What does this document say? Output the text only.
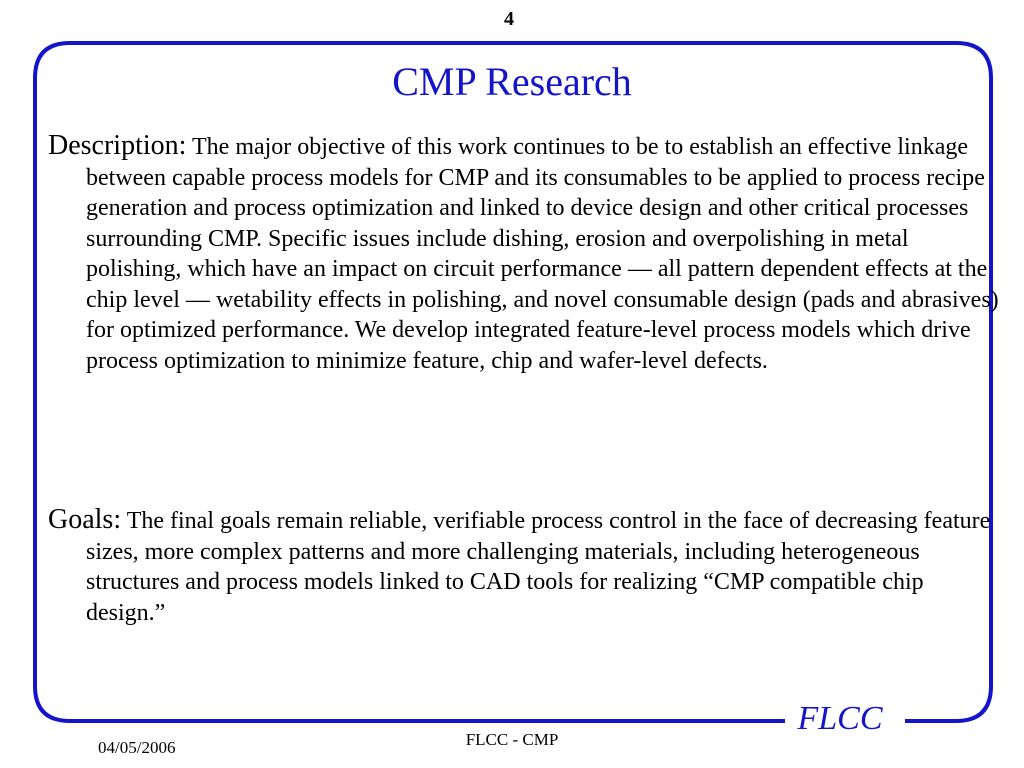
4
CMP Research

Description: The major objective of this work continues to be to establish an effective linkage between capable process models for CMP and its consumables to be applied to process recipe generation and process optimization and linked to device design and other critical processes surrounding CMP. Specific issues include dishing, erosion and overpolishing in metal polishing, which have an impact on circuit performance — all pattern dependent effects at the chip level — wetability effects in polishing, and novel consumable design (pads and abrasives) for optimized performance. We develop integrated feature-level process models which drive process optimization to minimize feature, chip and wafer-level defects.

Goals: The final goals remain reliable, verifiable process control in the face of decreasing feature sizes, more complex patterns and more challenging materials, including heterogeneous structures and process models linked to CAD tools for realizing “CMP compatible chip design.”

FLCC
FLCC - CMP
04/05/2006
